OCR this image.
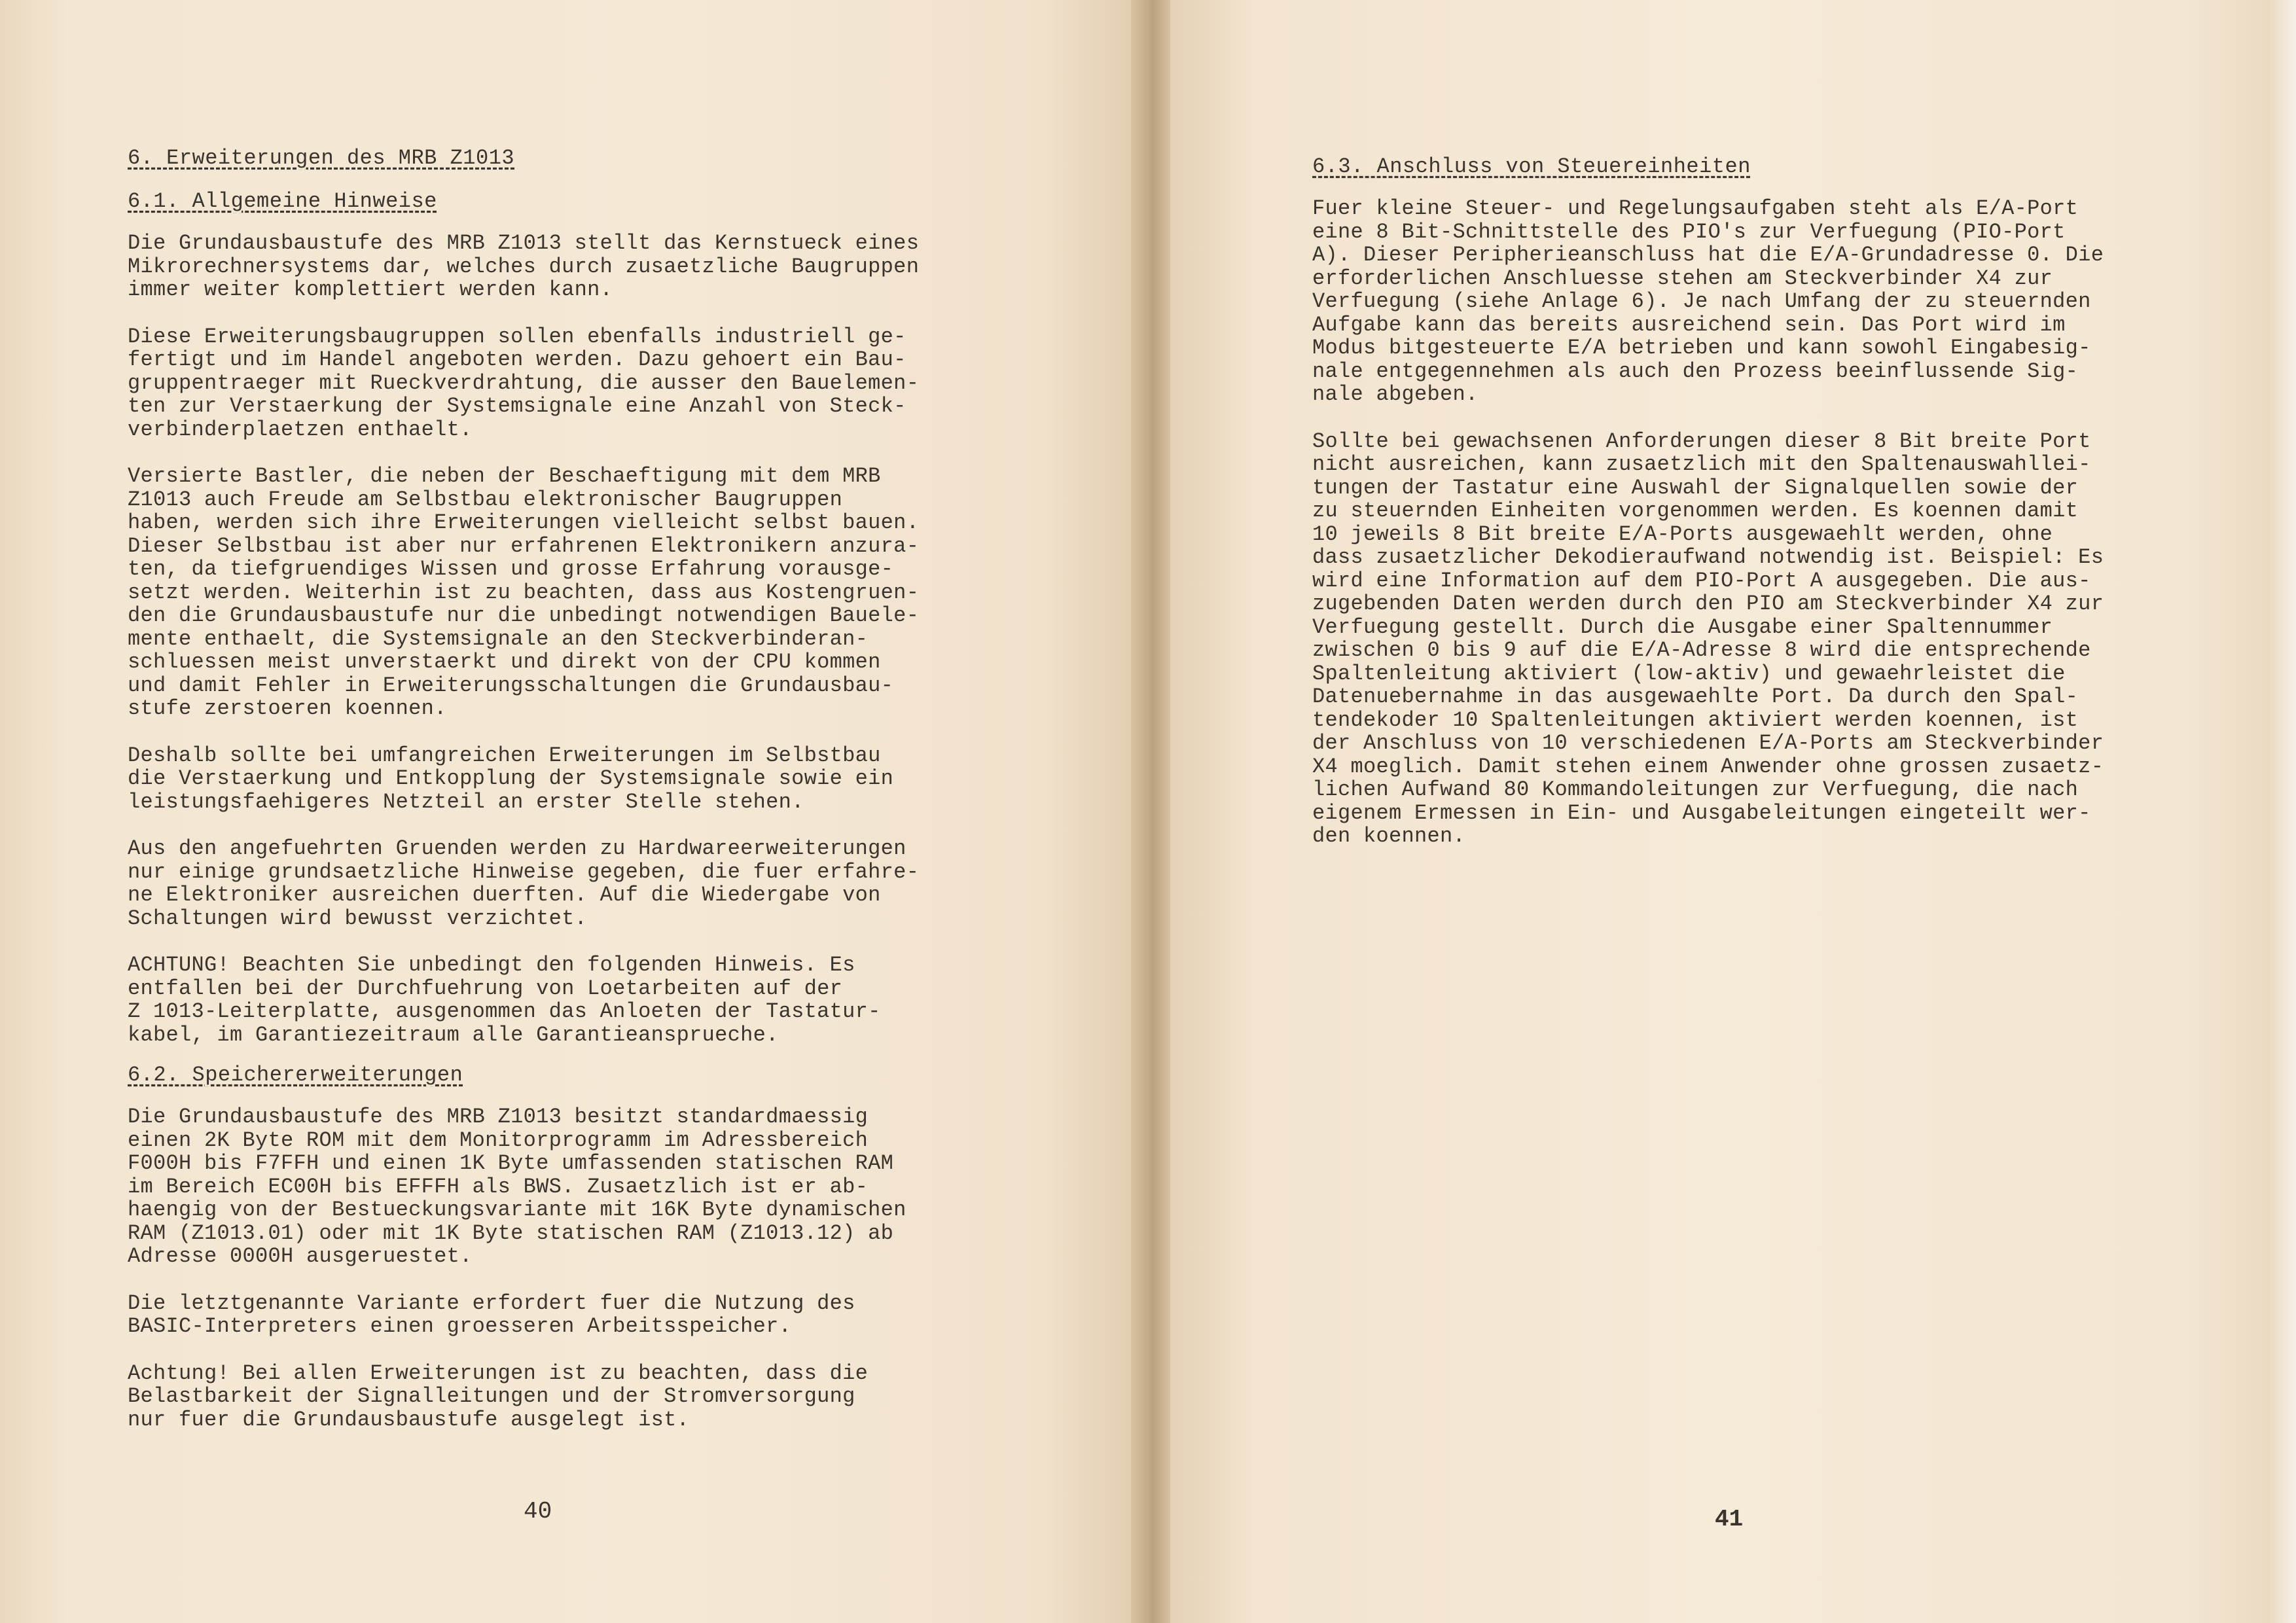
6. Erweiterungen des MRB Z1013
6.1. Allgemeine Hinweise

Die Grundausbaustufe des MRB Z1013 stellt das Kernstueck eines
Mikrorechnersystems dar, welches durch zusaetzliche Baugruppen
immer weiter komplettiert werden kann.

Diese Erweiterungsbaugruppen sollen ebenfalls industriell ge-
fertigt und im Handel angeboten werden. Dazu gehoert ein Bau-
gruppentraeger mit Rueckverdrahtung, die ausser den Bauelemen-
ten zur Verstaerkung der Systemsignale eine Anzahl von Steck-
verbinderplaetzen enthaelt.

Versierte Bastler, die neben der Beschaeftigung mit dem MRB
Z1013 auch Freude am Selbstbau elektronischer Baugruppen
haben, werden sich ihre Erweiterungen vielleicht selbst bauen.
Dieser Selbstbau ist aber nur erfahrenen Elektronikern anzura-
ten, da tiefgruendiges Wissen und grosse Erfahrung vorausge-
setzt werden. Weiterhin ist zu beachten, dass aus Kostengruen-
den die Grundausbaustufe nur die unbedingt notwendigen Bauele-
mente enthaelt, die Systemsignale an den Steckverbinderan-
schluessen meist unverstaerkt und direkt von der CPU kommen
und damit Fehler in Erweiterungsschaltungen die Grundausbau-
stufe zerstoeren koennen.

Deshalb sollte bei umfangreichen Erweiterungen im Selbstbau
die Verstaerkung und Entkopplung der Systemsignale sowie ein
leistungsfaehigeres Netzteil an erster Stelle stehen.

Aus den angefuehrten Gruenden werden zu Hardwareerweiterungen
nur einige grundsaetzliche Hinweise gegeben, die fuer erfahre-
ne Elektroniker ausreichen duerften. Auf die Wiedergabe von
Schaltungen wird bewusst verzichtet.

ACHTUNG! Beachten Sie unbedingt den folgenden Hinweis. Es
entfallen bei der Durchfuehrung von Loetarbeiten auf der
Z 1013-Leiterplatte, ausgenommen das Anloeten der Tastatur-
kabel, im Garantiezeitraum alle Garantieansprueche.

6.2. Speichererweiterungen

Die Grundausbaustufe des MRB Z1013 besitzt standardmaessig
einen 2K Byte ROM mit dem Monitorprogramm im Adressbereich
F000H bis F7FFH und einen 1K Byte umfassenden statischen RAM
im Bereich EC00H bis EFFFH als BWS. Zusaetzlich ist er ab-
haengig von der Bestueckungsvariante mit 16K Byte dynamischen
RAM (Z1013.01) oder mit 1K Byte statischen RAM (Z1013.12) ab
Adresse 0000H ausgeruestet.

Die letztgenannte Variante erfordert fuer die Nutzung des
BASIC-Interpreters einen groesseren Arbeitsspeicher.

Achtung! Bei allen Erweiterungen ist zu beachten, dass die
Belastbarkeit der Signalleitungen und der Stromversorgung
nur fuer die Grundausbaustufe ausgelegt ist.

40
6.3. Anschluss von Steuereinheiten

Fuer kleine Steuer- und Regelungsaufgaben steht als E/A-Port
eine 8 Bit-Schnittstelle des PIO's zur Verfuegung (PIO-Port
A). Dieser Peripherieanschluss hat die E/A-Grundadresse 0. Die
erforderlichen Anschluesse stehen am Steckverbinder X4 zur
Verfuegung (siehe Anlage 6). Je nach Umfang der zu steuernden
Aufgabe kann das bereits ausreichend sein. Das Port wird im
Modus bitgesteuerte E/A betrieben und kann sowohl Eingabesig-
nale entgegennehmen als auch den Prozess beeinflussende Sig-
nale abgeben.

Sollte bei gewachsenen Anforderungen dieser 8 Bit breite Port
nicht ausreichen, kann zusaetzlich mit den Spaltenauswahllei-
tungen der Tastatur eine Auswahl der Signalquellen sowie der
zu steuernden Einheiten vorgenommen werden. Es koennen damit
10 jeweils 8 Bit breite E/A-Ports ausgewaehlt werden, ohne
dass zusaetzlicher Dekodieraufwand notwendig ist. Beispiel: Es
wird eine Information auf dem PIO-Port A ausgegeben. Die aus-
zugebenden Daten werden durch den PIO am Steckverbinder X4 zur
Verfuegung gestellt. Durch die Ausgabe einer Spaltennummer
zwischen 0 bis 9 auf die E/A-Adresse 8 wird die entsprechende
Spaltenleitung aktiviert (low-aktiv) und gewaehrleistet die
Datenuebernahme in das ausgewaehlte Port. Da durch den Spal-
tendekoder 10 Spaltenleitungen aktiviert werden koennen, ist
der Anschluss von 10 verschiedenen E/A-Ports am Steckverbinder
X4 moeglich. Damit stehen einem Anwender ohne grossen zusaetz-
lichen Aufwand 80 Kommandoleitungen zur Verfuegung, die nach
eigenem Ermessen in Ein- und Ausgabeleitungen eingeteilt wer-
den koennen.

41
